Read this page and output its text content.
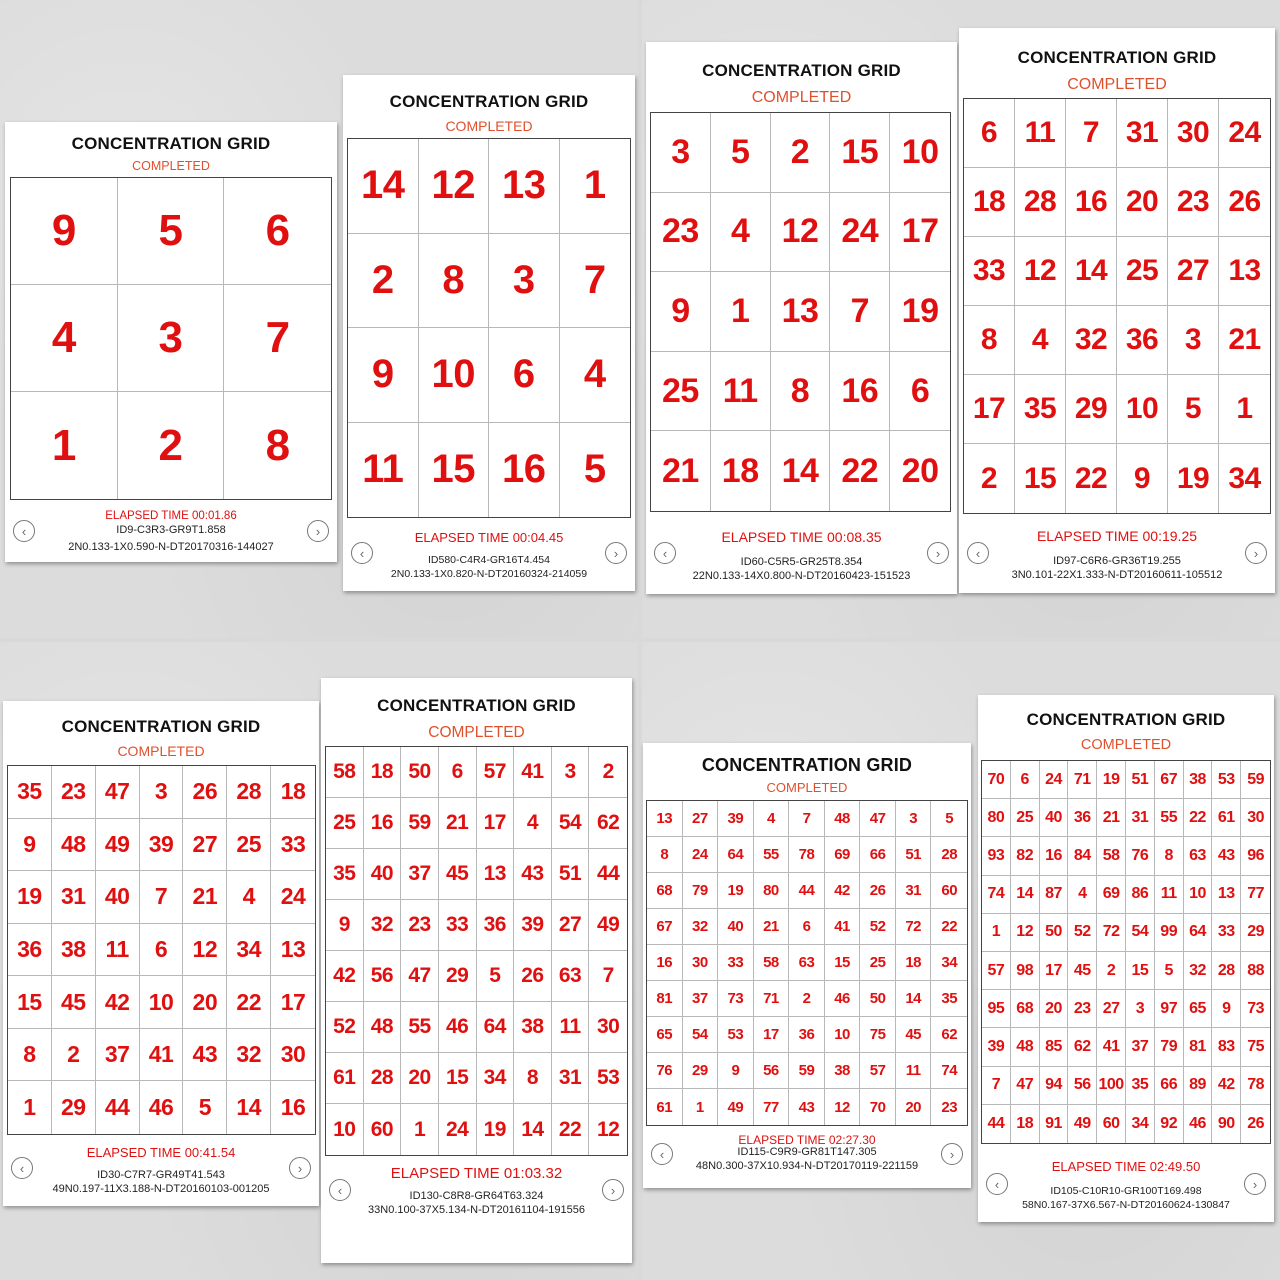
CONCENTRATION GRID
COMPLETED
9	5	6
4	3	7
1	2	8
ELAPSED TIME 00:01.86
ID9-C3R3-GR9T1.858
2N0.133-1X0.590-N-DT20170316-144027
‹	›
CONCENTRATION GRID
COMPLETED
14 12 13 1
2	8	3	7
9 10 6	4
11 15 16 5
ELAPSED TIME 00:04.45
ID580-C4R4-GR16T4.454
2N0.133-1X0.820-N-DT20160324-214059
‹	›
CONCENTRATION GRID
COMPLETED
3	5	2 15 10
23 4 12 24 17
9	1 13 7 19
25 11 8 16 6
21 18 14 22 20
ELAPSED TIME 00:08.35
ID60-C5R5-GR25T8.354
22N0.133-14X0.800-N-DT20160423-151523
‹	›
CONCENTRATION GRID
COMPLETED
6 11 7 31 30 24
18 28 16 20 23 26
33 12 14 25 27 13
8	4 32 36 3 21
17 35 29 10 5	1
2 15 22 9 19 34
ELAPSED TIME 00:19.25
ID97-C6R6-GR36T19.255
3N0.101-22X1.333-N-DT20160611-105512
‹	›
CONCENTRATION GRID
COMPLETED
35 23 47	3	26 28 18
9	48 49 39 27 25 33
19 31 40	7	21	4	24
36 38 11	6	12 34 13
15 45 42 10 20 22 17
8	2	37 41 43 32 30
1	29 44 46	5	14 16
ELAPSED TIME 00:41.54
ID30-C7R7-GR49T41.543
49N0.197-11X3.188-N-DT20160103-001205
‹	›
CONCENTRATION GRID
COMPLETED
58 18 50 6 57 41 3	2
25 16 59 21 17 4 54 62
35 40 37 45 13 43 51 44
9 32 23 33 36 39 27 49
42 56 47 29 5 26 63	7
52 48 55 46 64 38 11 30
61 28 20 15 34 8 31 53
10 60 1 24 19 14 22 12
ELAPSED TIME 01:03.32
ID130-C8R8-GR64T63.324
33N0.100-37X5.134-N-DT20161104-191556
‹	›
CONCENTRATION GRID
COMPLETED
13	27	39	4	7	48	47	3	5
8	24	64	55	78	69	66	51	28
68	79	19	80	44	42	26	31	60
67	32	40	21	6	41	52	72	22
16	30	33	58	63	15	25	18	34
81	37	73	71	2	46	50	14	35
65	54	53	17	36	10	75	45	62
76	29	9	56	59	38	57	11	74
61	1	49	77	43	12	70	20	23
ELAPSED TIME 02:27.30
ID115-C9R9-GR81T147.305
48N0.300-37X10.934-N-DT20170119-221159
‹	›
CONCENTRATION GRID
COMPLETED
70	6	24 71 19 51 67 38 53 59
80 25 40 36 21 31 55 22 61 30
93 82 16 84 58 76	8	63 43 96
74 14 87	4	69 86 11 10 13 77
1	12 50 52 72 54 99 64 33 29
57 98 17 45	2	15	5	32 28 88
95 68 20 23 27	3	97 65	9	73
39 48 85 62 41 37 79 81 83 75
7	47 94 56 100 35 66 89 42 78
44 18 91 49 60 34 92 46 90 26
ELAPSED TIME 02:49.50
ID105-C10R10-GR100T169.498
58N0.167-37X6.567-N-DT20160624-130847
‹	›
